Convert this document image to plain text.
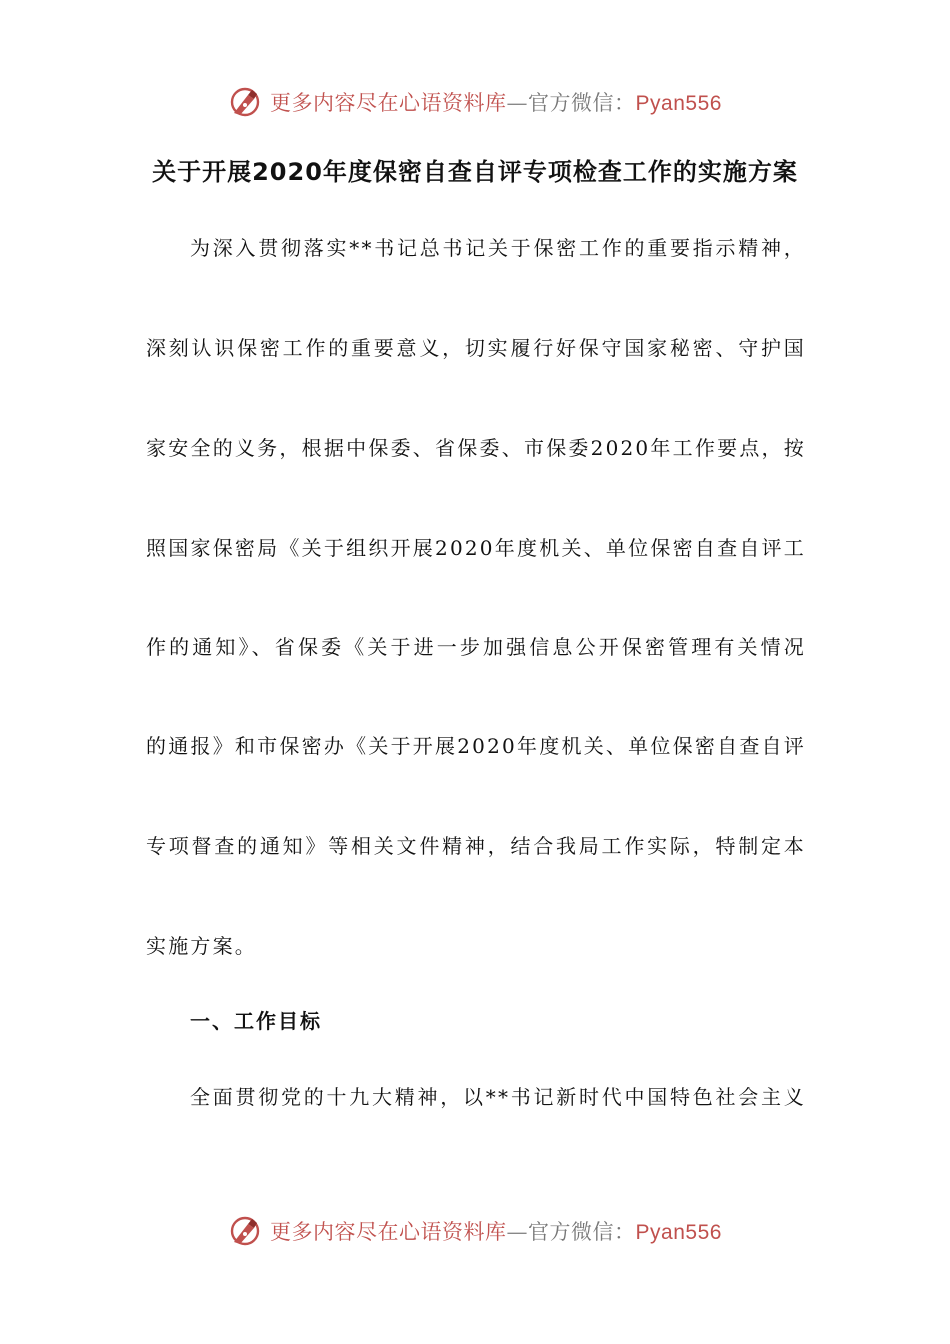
更多内容尽在心语资料库—官方微信：Pyan556
关于开展2020年度保密自查自评专项检查工作的实施方案

为深入贯彻落实**书记总书记关于保密工作的重要指示精神，

深刻认识保密工作的重要意义，切实履行好保守国家秘密、守护国

家安全的义务，根据中保委、省保委、市保委2020年工作要点，按

照国家保密局《关于组织开展2020年度机关、单位保密自查自评工

作的通知》、省保委《关于进一步加强信息公开保密管理有关情况

的通报》和市保密办《关于开展2020年度机关、单位保密自查自评

专项督查的通知》等相关文件精神，结合我局工作实际，特制定本

实施方案。

一、工作目标

全面贯彻党的十九大精神，以**书记新时代中国特色社会主义

更多内容尽在心语资料库—官方微信：Pyan556
